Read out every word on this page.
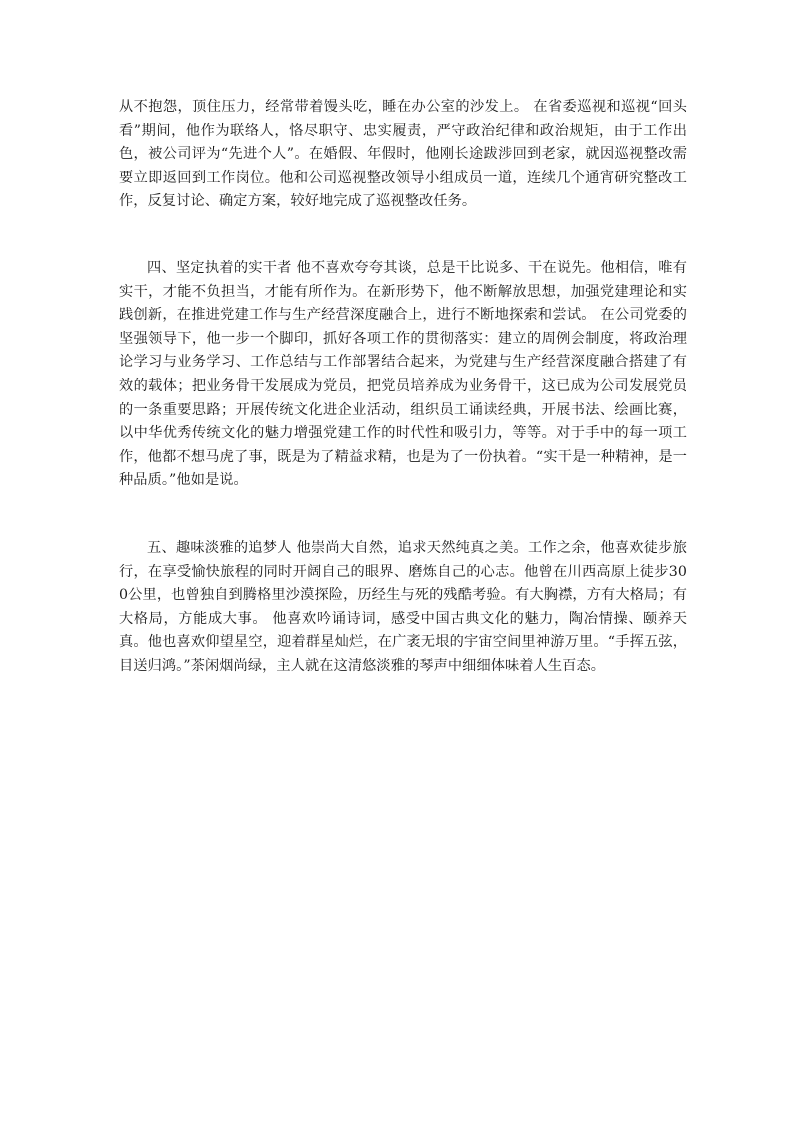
从不抱怨，顶住压力，经常带着馒头吃，睡在办公室的沙发上。 在省委巡视和巡视“回头看”期间，他作为联络人，恪尽职守、忠实履责，严守政治纪律和政治规矩，由于工作出色，被公司评为“先进个人”。在婚假、年假时，他刚长途跋涉回到老家，就因巡视整改需要立即返回到工作岗位。他和公司巡视整改领导小组成员一道，连续几个通宵研究整改工作，反复讨论、确定方案，较好地完成了巡视整改任务。

四、坚定执着的实干者 他不喜欢夸夸其谈，总是干比说多、干在说先。他相信，唯有实干，才能不负担当，才能有所作为。在新形势下，他不断解放思想，加强党建理论和实践创新，在推进党建工作与生产经营深度融合上，进行不断地探索和尝试。 在公司党委的坚强领导下，他一步一个脚印，抓好各项工作的贯彻落实：建立的周例会制度，将政治理论学习与业务学习、工作总结与工作部署结合起来，为党建与生产经营深度融合搭建了有效的载体；把业务骨干发展成为党员，把党员培养成为业务骨干，这已成为公司发展党员的一条重要思路；开展传统文化进企业活动，组织员工诵读经典，开展书法、绘画比赛，以中华优秀传统文化的魅力增强党建工作的时代性和吸引力，等等。对于手中的每一项工作，他都不想马虎了事，既是为了精益求精，也是为了一份执着。“实干是一种精神，是一种品质。”他如是说。

五、趣味淡雅的追梦人 他崇尚大自然，追求天然纯真之美。工作之余，他喜欢徒步旅行，在享受愉快旅程的同时开阔自己的眼界、磨炼自己的心志。他曾在川西高原上徒步300公里，也曾独自到腾格里沙漠探险，历经生与死的残酷考验。有大胸襟，方有大格局；有大格局，方能成大事。 他喜欢吟诵诗词，感受中国古典文化的魅力，陶冶情操、颐养天真。他也喜欢仰望星空，迎着群星灿烂，在广袤无垠的宇宙空间里神游万里。“手挥五弦，目送归鸿。”茶闲烟尚绿，主人就在这清悠淡雅的琴声中细细体味着人生百态。
